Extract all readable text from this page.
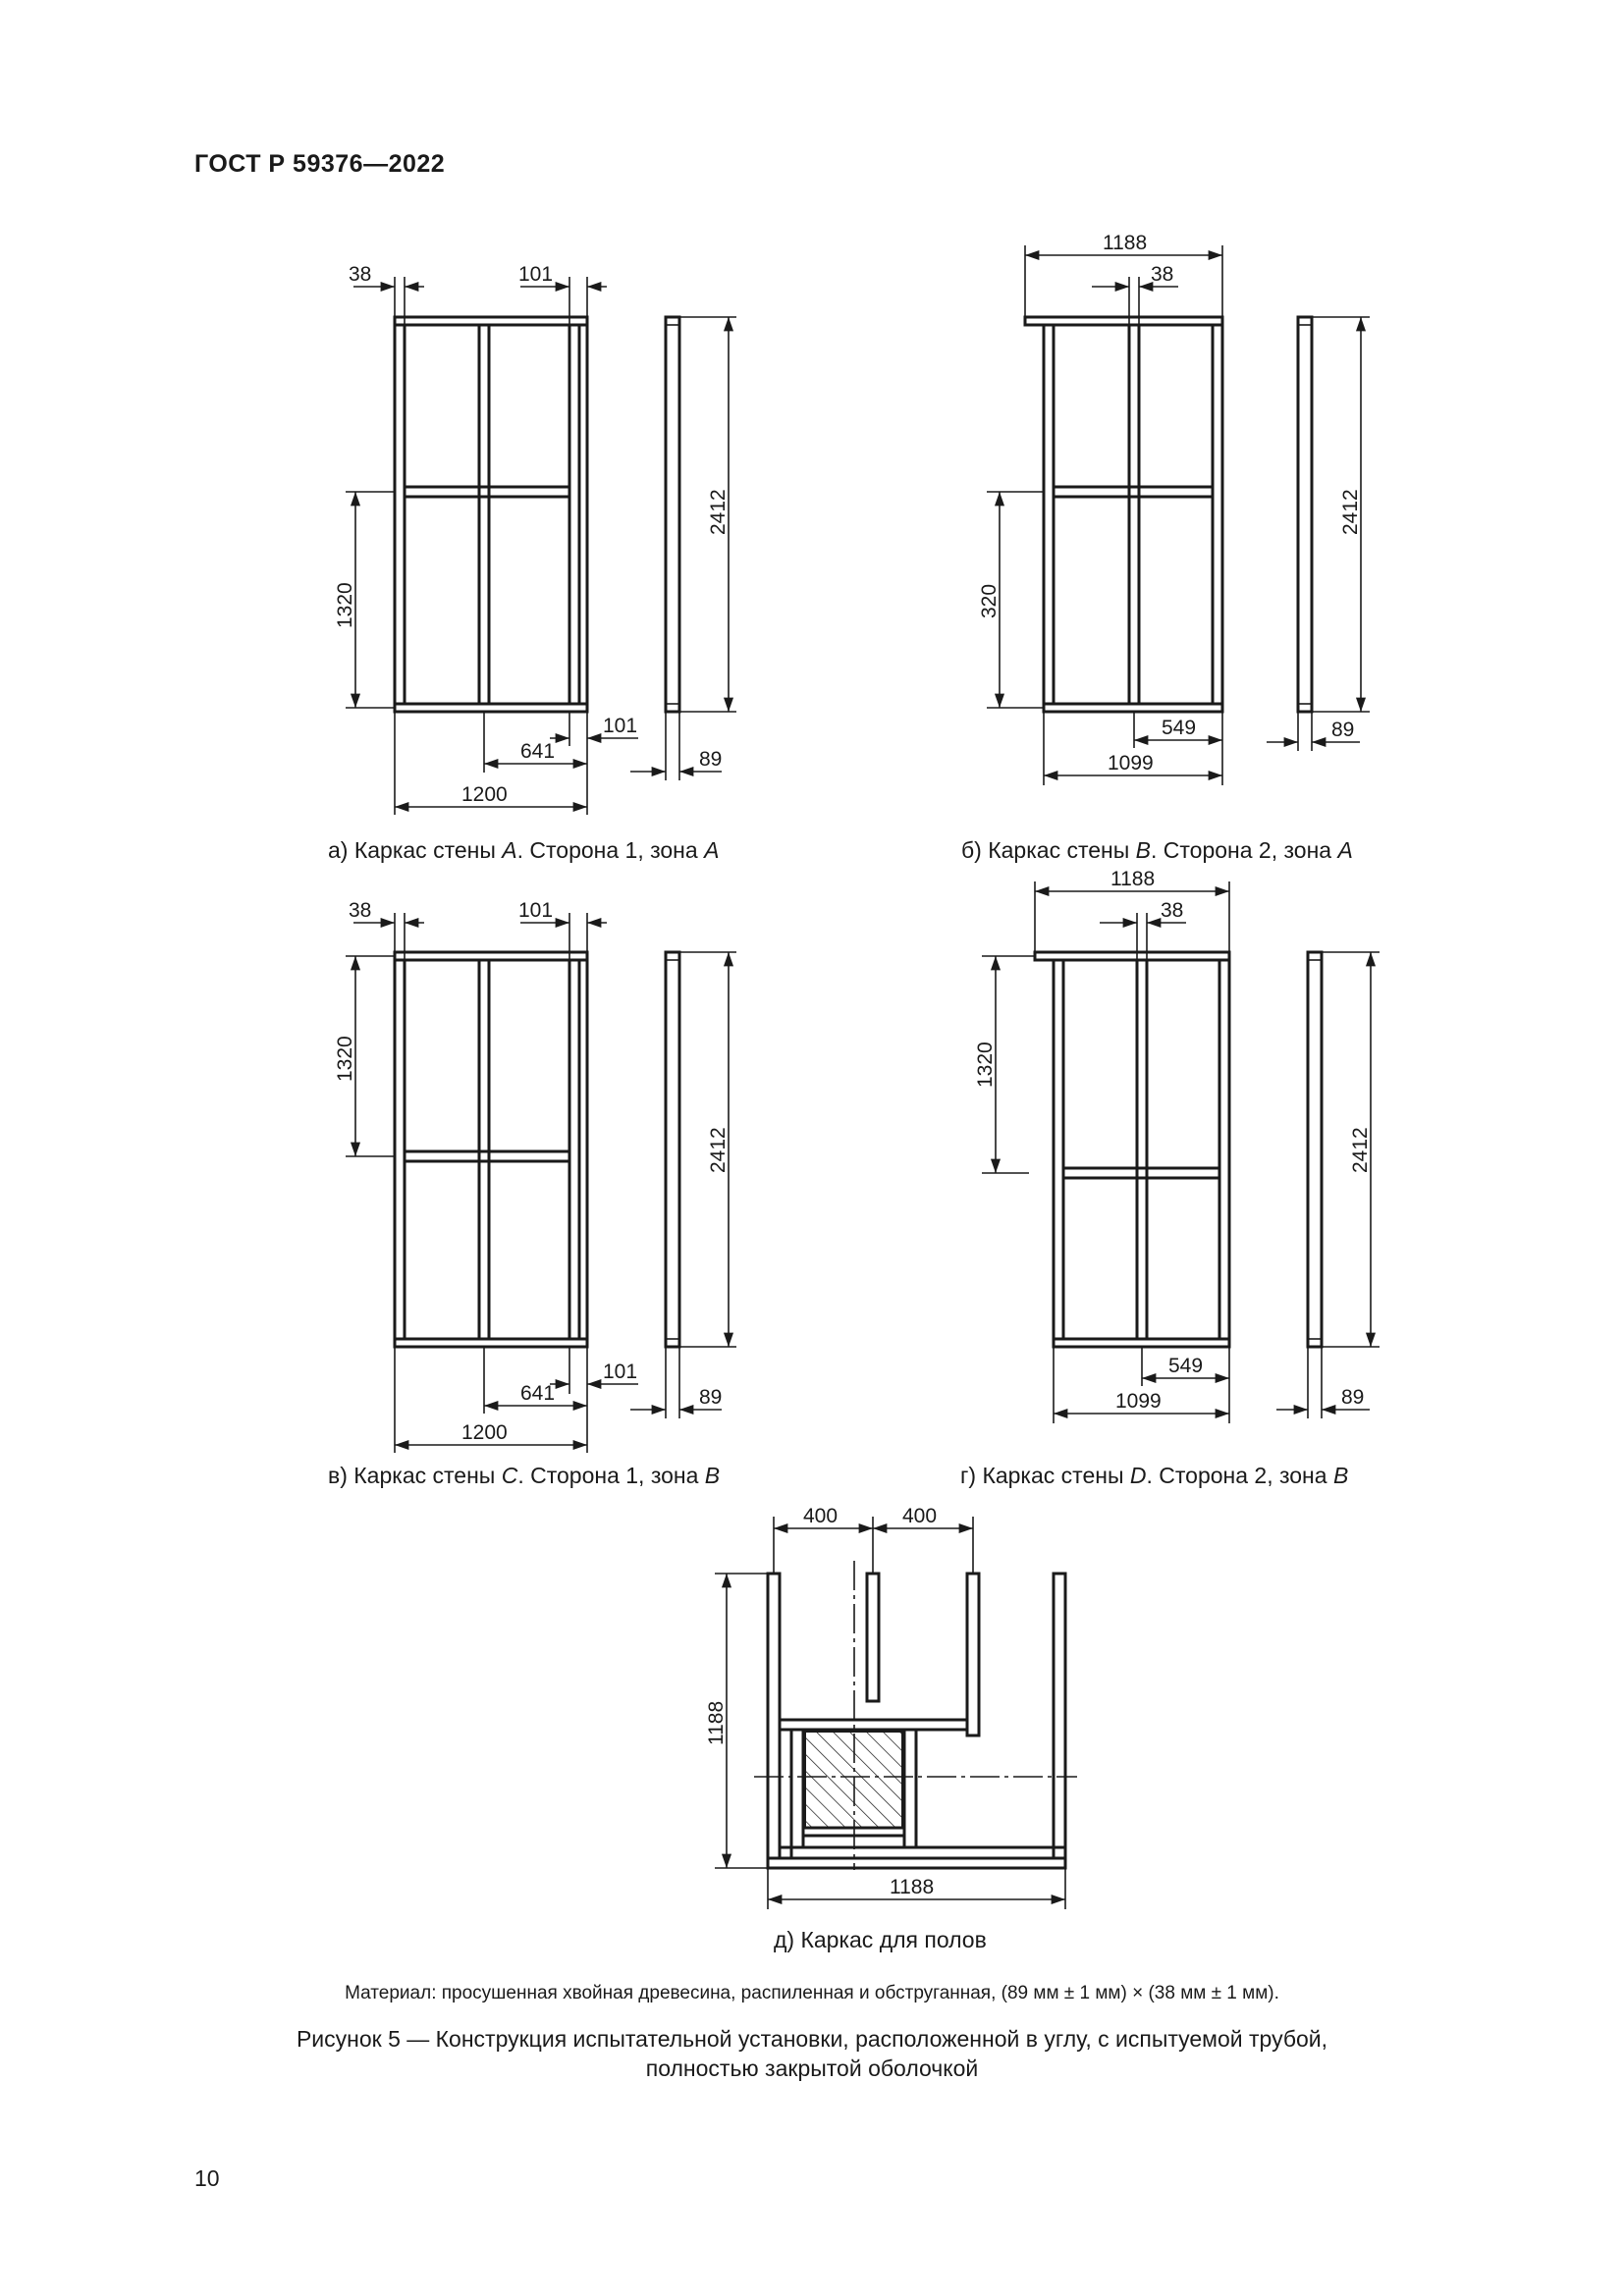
ГОСТ Р 59376—2022
38	101
2412
1320
101
641	89
1200
1188
38
2412
320
549
1099
89
38	101
2412
1320
101
641	89
1200
1188
38
2412
1320
549
1099	89
400	400
1188
1188
а) Каркас стены A. Сторона 1, зона A	б) Каркас стены B. Сторона 2, зона A
в) Каркас стены C. Сторона 1, зона B	г) Каркас стены D. Сторона 2, зона B
д) Каркас для полов
Материал: просушенная хвойная древесина, распиленная и обструганная, (89 мм ± 1 мм) × (38 мм ± 1 мм).
Рисунок 5 — Конструкция испытательной установки, расположенной в углу, с испытуемой трубой,
полностью закрытой оболочкой
10
